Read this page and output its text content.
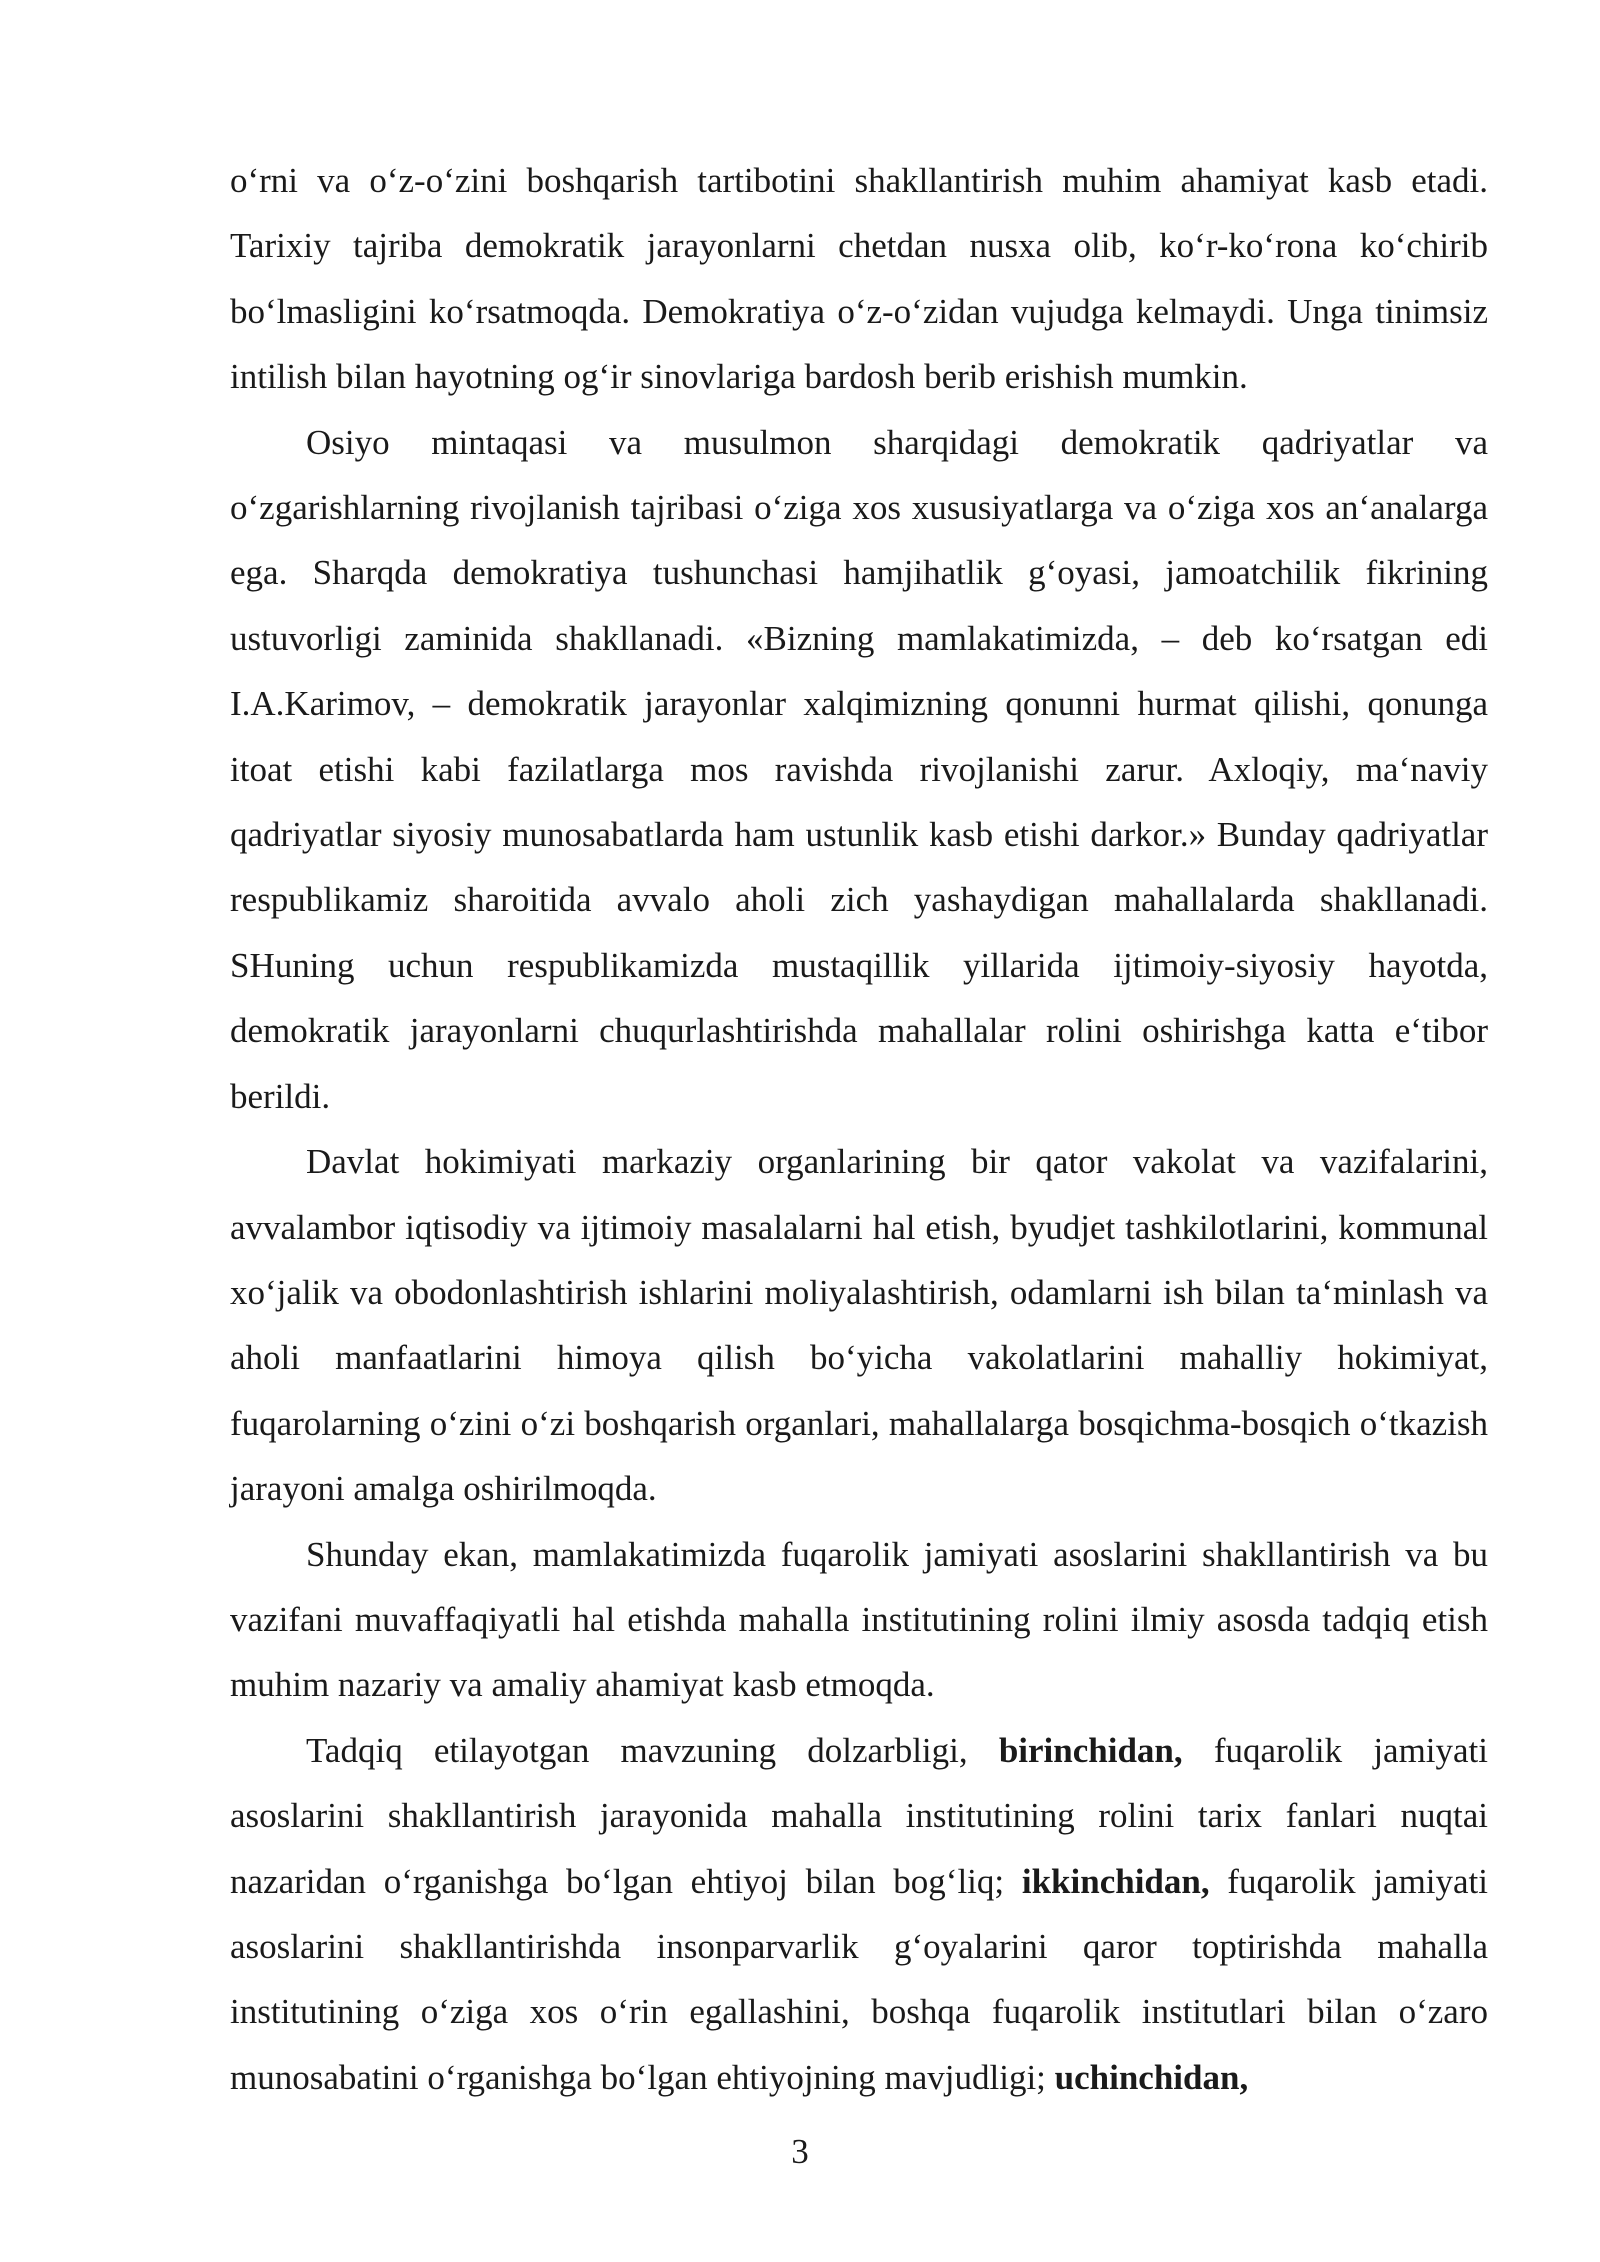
o‘rni va o‘z-o‘zini boshqarish tartibotini shakllantirish muhim ahamiyat kasb etadi. Tarixiy tajriba demokratik jarayonlarni chetdan nusxa olib, ko‘r-ko‘rona ko‘chirib bo‘lmasligini ko‘rsatmoqda. Demokratiya o‘z-o‘zidan vujudga kelmaydi. Unga tinimsiz intilish bilan hayotning og‘ir sinovlariga bardosh berib erishish mumkin.

Osiyo mintaqasi va musulmon sharqidagi demokratik qadriyatlar va o‘zgarishlarning rivojlanish tajribasi o‘ziga xos xususiyatlarga va o‘ziga xos an‘analarga ega. Sharqda demokratiya tushunchasi hamjihatlik g‘oyasi, jamoatchilik fikrining ustuvorligi zaminida shakllanadi. «Bizning mamlakatimizda, – deb ko‘rsatgan edi I.A.Karimov, – demokratik jarayonlar xalqimizning qonunni hurmat qilishi, qonunga itoat etishi kabi fazilatlarga mos ravishda rivojlanishi zarur. Axloqiy, ma‘naviy qadriyatlar siyosiy munosabatlarda ham ustunlik kasb etishi darkor.» Bunday qadriyatlar respublikamiz sharoitida avvalo aholi zich yashaydigan mahallalarda shakllanadi. SHuning uchun respublikamizda mustaqillik yillarida ijtimoiy-siyosiy hayotda, demokratik jarayonlarni chuqurlashtirishda mahallalar rolini oshirishga katta e‘tibor berildi.

Davlat hokimiyati markaziy organlarining bir qator vakolat va vazifalarini, avvalambor iqtisodiy va ijtimoiy masalalarni hal etish, byudjet tashkilotlarini, kommunal xo‘jalik va obodonlashtirish ishlarini moliyalashtirish, odamlarni ish bilan ta‘minlash va aholi manfaatlarini himoya qilish bo‘yicha vakolatlarini mahalliy hokimiyat, fuqarolarning o‘zini o‘zi boshqarish organlari, mahallalarga bosqichma-bosqich o‘tkazish jarayoni amalga oshirilmoqda.

Shunday ekan, mamlakatimizda fuqarolik jamiyati asoslarini shakllantirish va bu vazifani muvaffaqiyatli hal etishda mahalla institutining rolini ilmiy asosda tadqiq etish muhim nazariy va amaliy ahamiyat kasb etmoqda.

Tadqiq etilayotgan mavzuning dolzarbligi, birinchidan, fuqarolik jamiyati asoslarini shakllantirish jarayonida mahalla institutining rolini tarix fanlari nuqtai nazaridan o‘rganishga bo‘lgan ehtiyoj bilan bog‘liq; ikkinchidan, fuqarolik jamiyati asoslarini shakllantirishda insonparvarlik g‘oyalarini qaror toptirishda mahalla institutining o‘ziga xos o‘rin egallashini, boshqa fuqarolik institutlari bilan o‘zaro munosabatini o‘rganishga bo‘lgan ehtiyojning mavjudligi; uchinchidan,

3
